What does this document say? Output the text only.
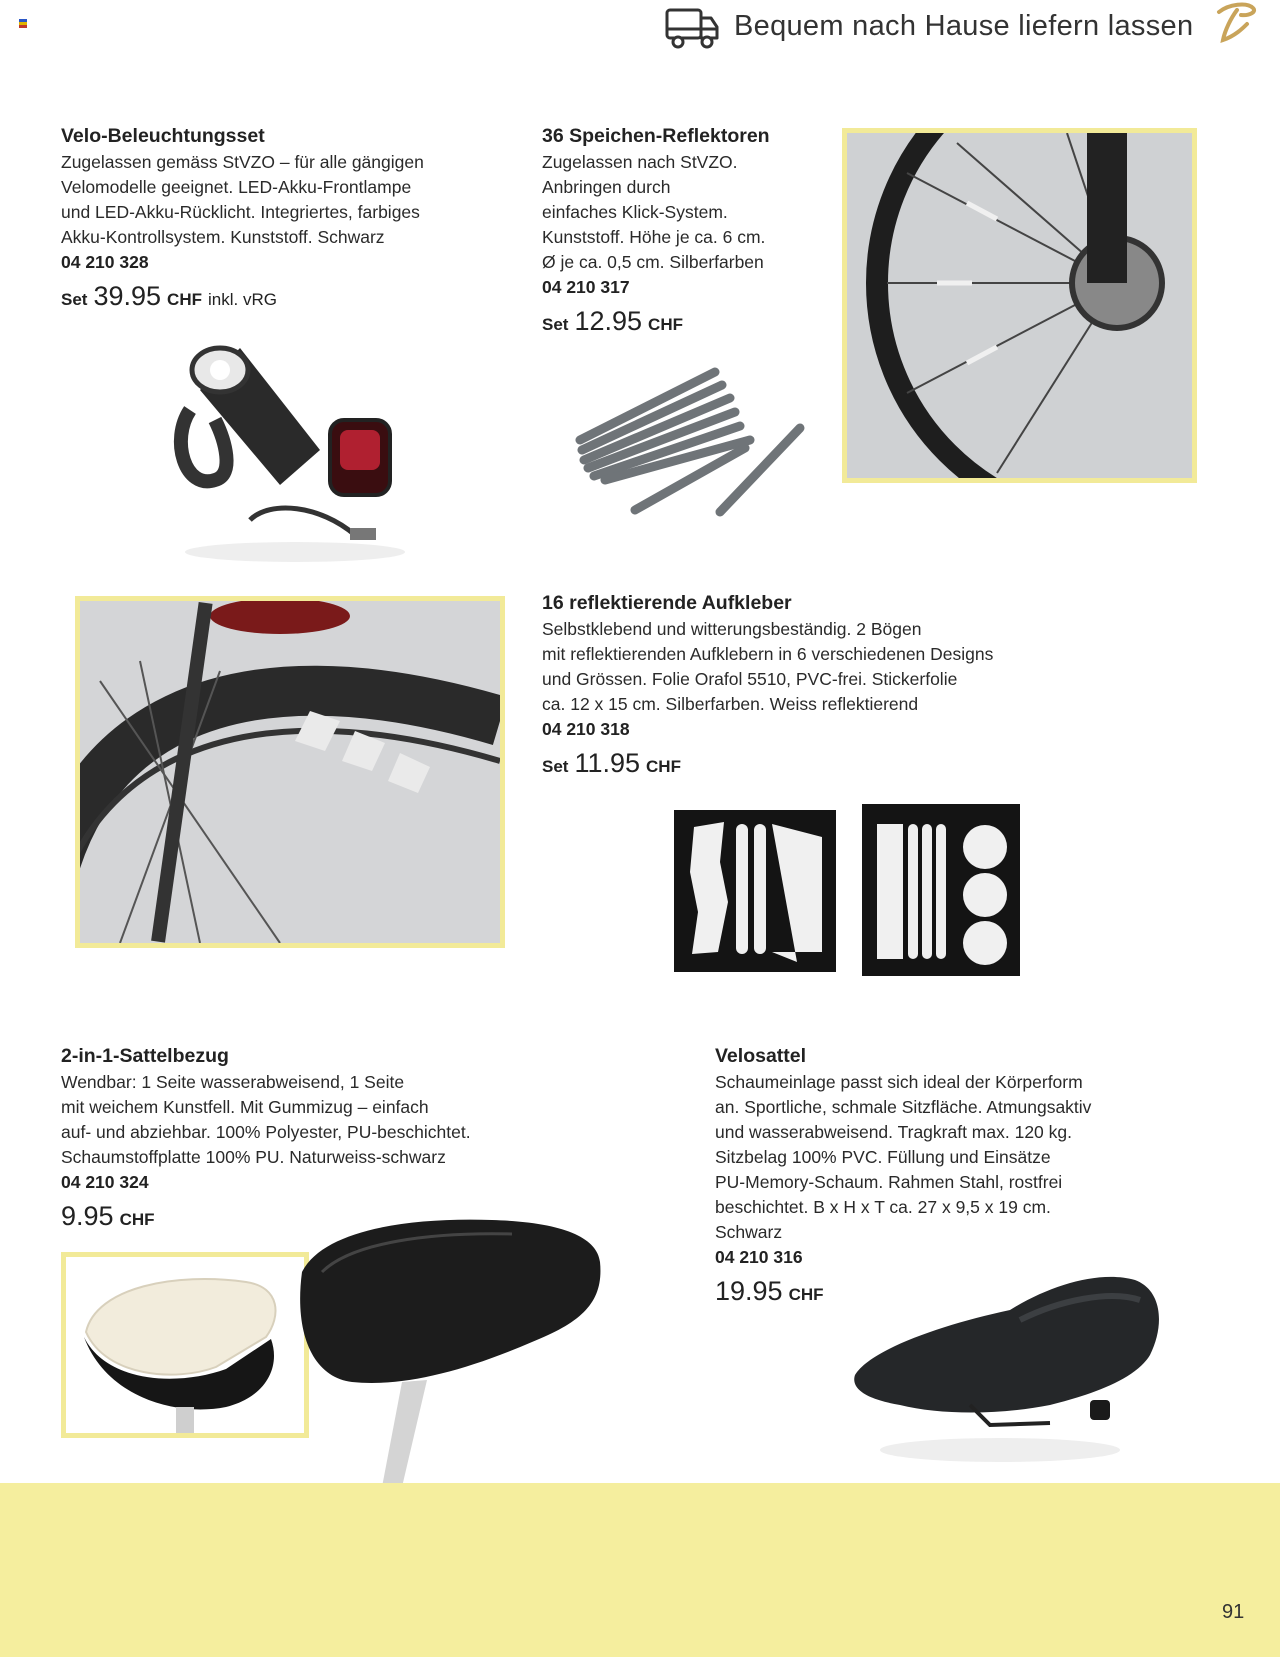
Bequem nach Hause liefern lassen
Velo-Beleuchtungsset
Zugelassen gemäss StVZO – für alle gängigen
Velomodelle geeignet. LED-Akku-Frontlampe
und LED-Akku-Rücklicht. Integriertes, farbiges
Akku-Kontrollsystem. Kunststoff. Schwarz
04 210 328
Set 39.95 CHF inkl. vRG
36 Speichen-Reflektoren
Zugelassen nach StVZO.
Anbringen durch
einfaches Klick-System.
Kunststoff. Höhe je ca. 6 cm.
Ø je ca. 0,5 cm. Silberfarben
04 210 317
Set 12.95 CHF
16 reflektierende Aufkleber
Selbstklebend und witterungsbeständig. 2 Bögen
mit reflektierenden Aufklebern in 6 verschiedenen Designs
und Grössen. Folie Orafol 5510, PVC-frei. Stickerfolie
ca. 12 x 15 cm. Silberfarben. Weiss reflektierend
04 210 318
Set 11.95 CHF
2-in-1-Sattelbezug
Wendbar: 1 Seite wasserabweisend, 1 Seite
mit weichem Kunstfell. Mit Gummizug – einfach
auf- und abziehbar. 100% Polyester, PU-beschichtet.
Schaumstoffplatte 100% PU. Naturweiss-schwarz
04 210 324
9.95 CHF
Velosattel
Schaumeinlage passt sich ideal der Körperform
an. Sportliche, schmale Sitzfläche. Atmungsaktiv
und wasserabweisend. Tragkraft max. 120 kg.
Sitzbelag 100% PVC. Füllung und Einsätze
PU-Memory-Schaum. Rahmen Stahl, rostfrei
beschichtet. B x H x T ca. 27 x 9,5 x 19 cm.
Schwarz
04 210 316
19.95 CHF
91
